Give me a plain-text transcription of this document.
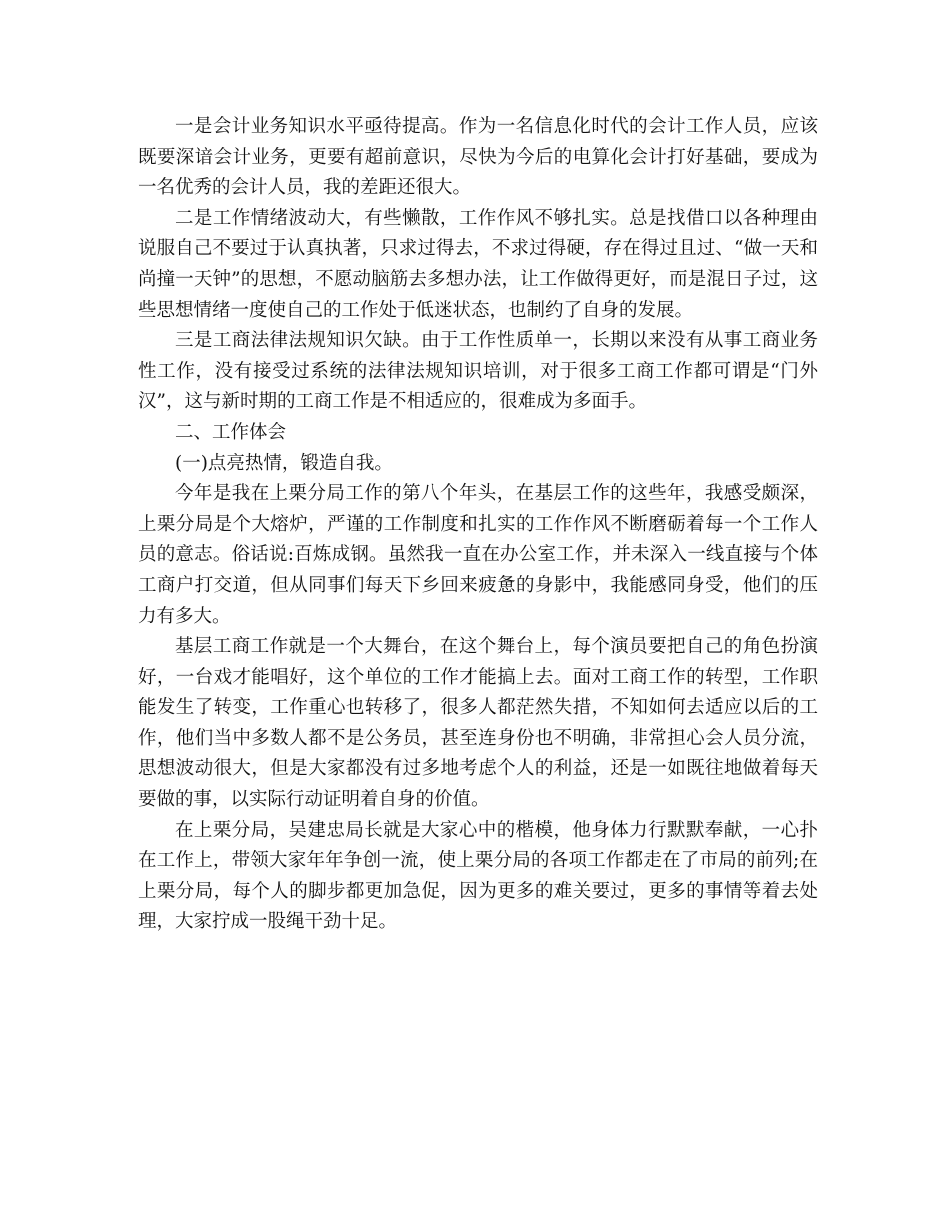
一是会计业务知识水平亟待提高。作为一名信息化时代的会计工作人员，应该既要深谙会计业务，更要有超前意识，尽快为今后的电算化会计打好基础，要成为一名优秀的会计人员，我的差距还很大。

二是工作情绪波动大，有些懒散，工作作风不够扎实。总是找借口以各种理由说服自己不要过于认真执著，只求过得去，不求过得硬，存在得过且过、“做一天和尚撞一天钟”的思想，不愿动脑筋去多想办法，让工作做得更好，而是混日子过，这些思想情绪一度使自己的工作处于低迷状态，也制约了自身的发展。

三是工商法律法规知识欠缺。由于工作性质单一，长期以来没有从事工商业务性工作，没有接受过系统的法律法规知识培训，对于很多工商工作都可谓是“门外汉”，这与新时期的工商工作是不相适应的，很难成为多面手。

二、工作体会

(一)点亮热情，锻造自我。

今年是我在上栗分局工作的第八个年头，在基层工作的这些年，我感受颇深，上栗分局是个大熔炉，严谨的工作制度和扎实的工作作风不断磨砺着每一个工作人员的意志。俗话说:百炼成钢。虽然我一直在办公室工作，并未深入一线直接与个体工商户打交道，但从同事们每天下乡回来疲惫的身影中，我能感同身受，他们的压力有多大。

基层工商工作就是一个大舞台，在这个舞台上，每个演员要把自己的角色扮演好，一台戏才能唱好，这个单位的工作才能搞上去。面对工商工作的转型，工作职能发生了转变，工作重心也转移了，很多人都茫然失措，不知如何去适应以后的工作，他们当中多数人都不是公务员，甚至连身份也不明确，非常担心会人员分流，思想波动很大，但是大家都没有过多地考虑个人的利益，还是一如既往地做着每天要做的事，以实际行动证明着自身的价值。

在上栗分局，吴建忠局长就是大家心中的楷模，他身体力行默默奉献，一心扑在工作上，带领大家年年争创一流，使上栗分局的各项工作都走在了市局的前列;在上栗分局，每个人的脚步都更加急促，因为更多的难关要过，更多的事情等着去处理，大家拧成一股绳干劲十足。
